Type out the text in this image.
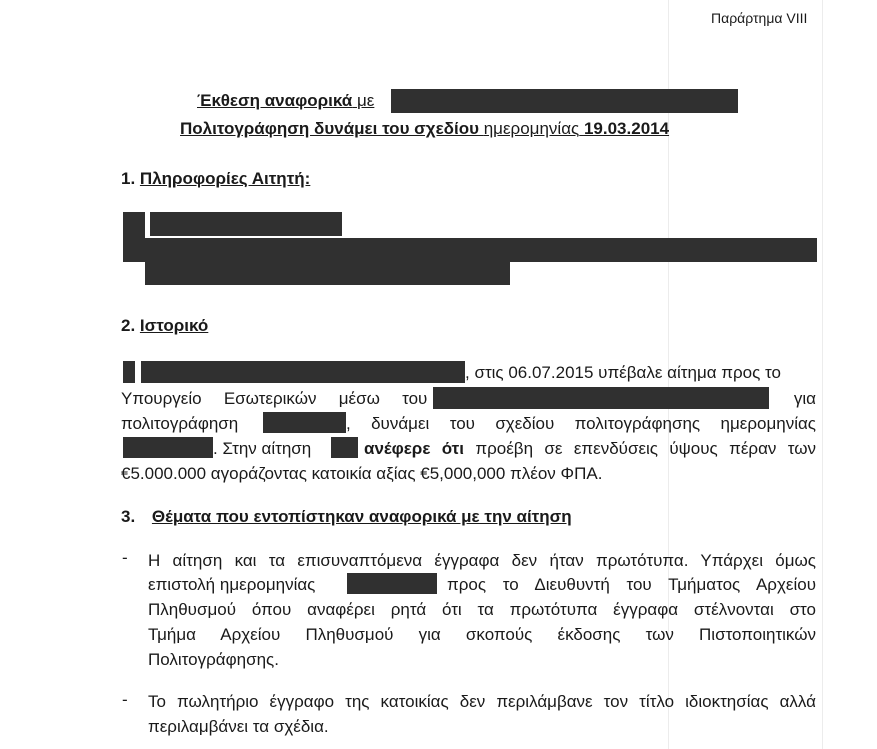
Παράρτημα VIII
Έκθεση αναφορικά με
Πολιτογράφηση δυνάμει του σχεδίου ημερομηνίας 19.03.2014
1. Πληροφορίες Αιτητή:
2. Ιστορικό
, στις 06.07.2015 υπέβαλε αίτημα προς το
Υπουργείο Εσωτερικών μέσω του	για
πολιτογράφηση	, δυνάμει του σχεδίου πολιτογράφησης ημερομηνίας
. Στην αίτηση	ανέφερε ότι προέβη σε επενδύσεις ύψους πέραν των
€5.000.000 αγοράζοντας κατοικία αξίας €5,000,000 πλέον ΦΠΑ.
3. Θέματα που εντοπίστηκαν αναφορικά με την αίτηση
- Η αίτηση και τα επισυναπτόμενα έγγραφα δεν ήταν πρωτότυπα. Υπάρχει όμως
επιστολή ημερομηνίας	προς το Διευθυντή του Τμήματος Αρχείου
Πληθυσμού όπου αναφέρει ρητά ότι τα πρωτότυπα έγγραφα στέλνονται στο
Τμήμα Αρχείου Πληθυσμού για σκοπούς έκδοσης των Πιστοποιητικών
Πολιτογράφησης.
- Το πωλητήριο έγγραφο της κατοικίας δεν περιλάμβανε τον τίτλο ιδιοκτησίας αλλά
περιλαμβάνει τα σχέδια.
